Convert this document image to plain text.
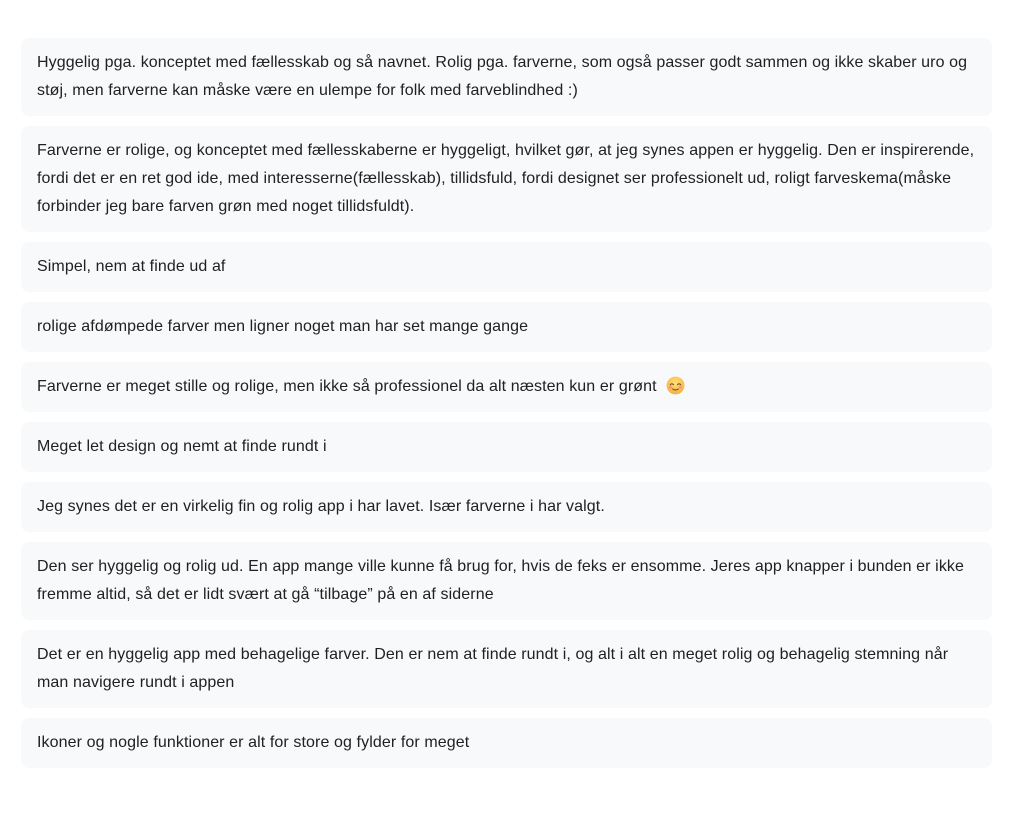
Hyggelig pga. konceptet med fællesskab og så navnet. Rolig pga. farverne, som også passer godt sammen og ikke skaber uro og støj, men farverne kan måske være en ulempe for folk med farveblindhed :)
Farverne er rolige, og konceptet med fællesskaberne er hyggeligt, hvilket gør, at jeg synes appen er hyggelig. Den er inspirerende, fordi det er en ret god ide, med interesserne(fællesskab), tillidsfuld, fordi designet ser professionelt ud, roligt farveskema(måske forbinder jeg bare farven grøn med noget tillidsfuldt).
Simpel, nem at finde ud af
rolige afdømpede farver men ligner noget man har set mange gange
Farverne er meget stille og rolige, men ikke så professionel da alt næsten kun er grønt
Meget let design og nemt at finde rundt i
Jeg synes det er en virkelig fin og rolig app i har lavet. Især farverne i har valgt.
Den ser hyggelig og rolig ud. En app mange ville kunne få brug for, hvis de feks er ensomme. Jeres app knapper i bunden er ikke fremme altid, så det er lidt svært at gå “tilbage” på en af siderne
Det er en hyggelig app med behagelige farver. Den er nem at finde rundt i, og alt i alt en meget rolig og behagelig stemning når man navigere rundt i appen
Ikoner og nogle funktioner er alt for store og fylder for meget
